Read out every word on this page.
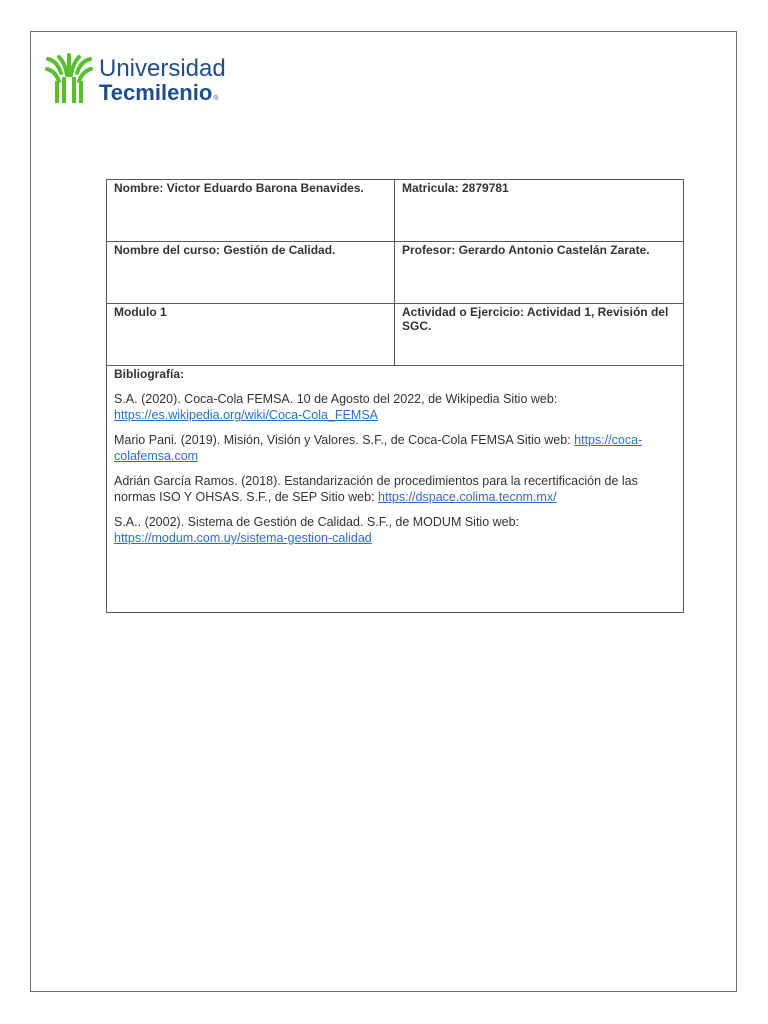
Universidad
Tecmilenio®
Nombre: Victor Eduardo Barona Benavides.	Matricula: 2879781
Nombre del curso: Gestión de Calidad.	Profesor: Gerardo Antonio Castelán Zarate.
Modulo 1	Actividad o Ejercicio: Actividad 1, Revisión del SGC.

Bibliografía:
S.A. (2020). Coca-Cola FEMSA. 10 de Agosto del 2022, de Wikipedia Sitio web: https://es.wikipedia.org/wiki/Coca-Cola_FEMSA
Mario Pani. (2019). Misión, Visión y Valores. S.F., de Coca-Cola FEMSA Sitio web: https://coca-colafemsa.com
Adrián García Ramos. (2018). Estandarización de procedimientos para la recertificación de las normas ISO Y OHSAS. S.F., de SEP Sitio web: https://dspace.colima.tecnm.mx/
S.A.. (2002). Sistema de Gestión de Calidad. S.F., de MODUM Sitio web: https://modum.com.uy/sistema-gestion-calidad	
